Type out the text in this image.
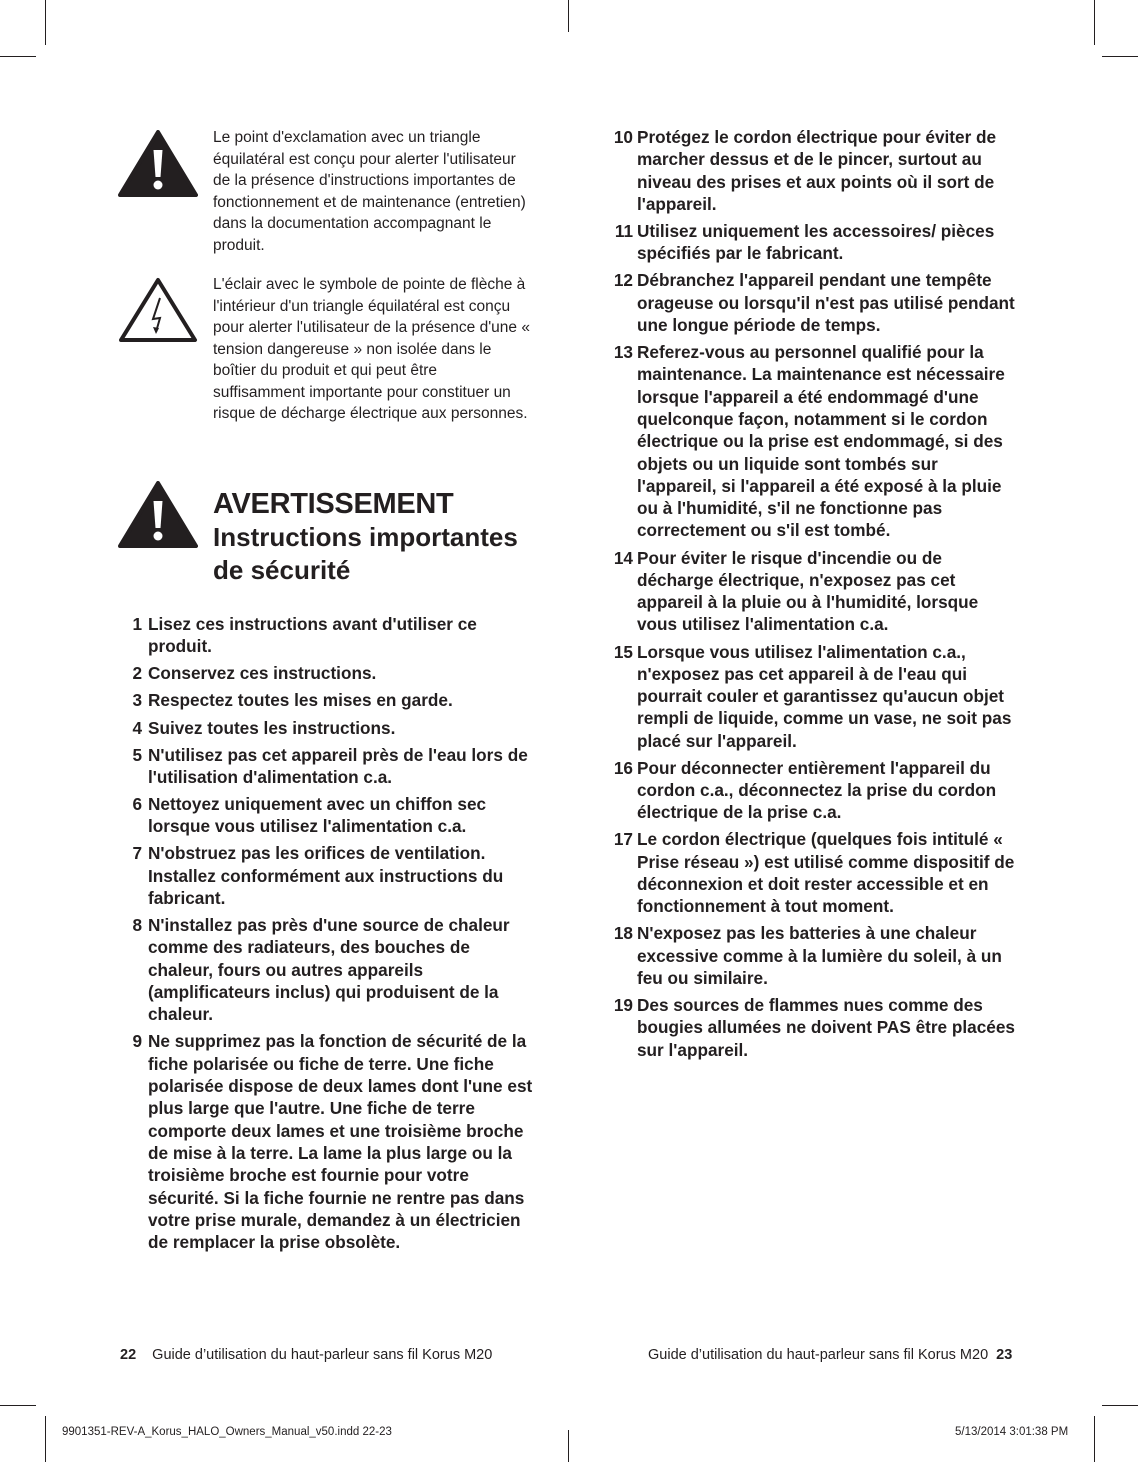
Le point d'exclamation avec un triangle équilatéral est conçu pour alerter l'utilisateur de la présence d'instructions importantes de fonctionnement et de maintenance (entretien) dans la documentation accompagnant le produit.
L'éclair avec le symbole de pointe de flèche à l'intérieur d'un triangle équilatéral est conçu pour alerter l'utilisateur de la présence d'une « tension dangereuse » non isolée dans le boîtier du produit et qui peut être suffisamment importante pour constituer un risque de décharge électrique aux personnes.
AVERTISSEMENT
Instructions importantes de sécurité
1 Lisez ces instructions avant d'utiliser ce produit.
2 Conservez ces instructions.
3 Respectez toutes les mises en garde.
4 Suivez toutes les instructions.
5 N'utilisez pas cet appareil près de l'eau lors de l'utilisation d'alimentation c.a.
6 Nettoyez uniquement avec un chiffon sec lorsque vous utilisez l'alimentation c.a.
7 N'obstruez pas les orifices de ventilation. Installez conformément aux instructions du fabricant.
8 N'installez pas près d'une source de chaleur comme des radiateurs, des bouches de chaleur, fours ou autres appareils (amplificateurs inclus) qui produisent de la chaleur.
9 Ne supprimez pas la fonction de sécurité de la fiche polarisée ou fiche de terre. Une fiche polarisée dispose de deux lames dont l'une est plus large que l'autre. Une fiche de terre comporte deux lames et une troisième broche de mise à la terre. La lame la plus large ou la troisième broche est fournie pour votre sécurité. Si la fiche fournie ne rentre pas dans votre prise murale, demandez à un électricien de remplacer la prise obsolète.
10 Protégez le cordon électrique pour éviter de marcher dessus et de le pincer, surtout au niveau des prises et aux points où il sort de l'appareil.
11 Utilisez uniquement les accessoires/ pièces spécifiés par le fabricant.
12 Débranchez l'appareil pendant une tempête orageuse ou lorsqu'il n'est pas utilisé pendant une longue période de temps.
13 Referez-vous au personnel qualifié pour la maintenance. La maintenance est nécessaire lorsque l'appareil a été endommagé d'une quelconque façon, notamment si le cordon électrique ou la prise est endommagé, si des objets ou un liquide sont tombés sur l'appareil, si l'appareil a été exposé à la pluie ou à l'humidité, s'il ne fonctionne pas correctement ou s'il est tombé.
14 Pour éviter le risque d'incendie ou de décharge électrique, n'exposez pas cet appareil à la pluie ou à l'humidité, lorsque vous utilisez l'alimentation c.a.
15 Lorsque vous utilisez l'alimentation c.a., n'exposez pas cet appareil à de l'eau qui pourrait couler et garantissez qu'aucun objet rempli de liquide, comme un vase, ne soit pas placé sur l'appareil.
16 Pour déconnecter entièrement l'appareil du cordon c.a., déconnectez la prise du cordon électrique de la prise c.a.
17 Le cordon électrique (quelques fois intitulé « Prise réseau ») est utilisé comme dispositif de déconnexion et doit rester accessible et en fonctionnement à tout moment.
18 N'exposez pas les batteries à une chaleur excessive comme à la lumière du soleil, à un feu ou similaire.
19 Des sources de flammes nues comme des bougies allumées ne doivent PAS être placées sur l'appareil.
22 Guide d’utilisation du haut-parleur sans fil Korus M20	Guide d’utilisation du haut-parleur sans fil Korus M20 23
9901351-REV-A_Korus_HALO_Owners_Manual_v50.indd 22-23	5/13/2014 3:01:38 PM
